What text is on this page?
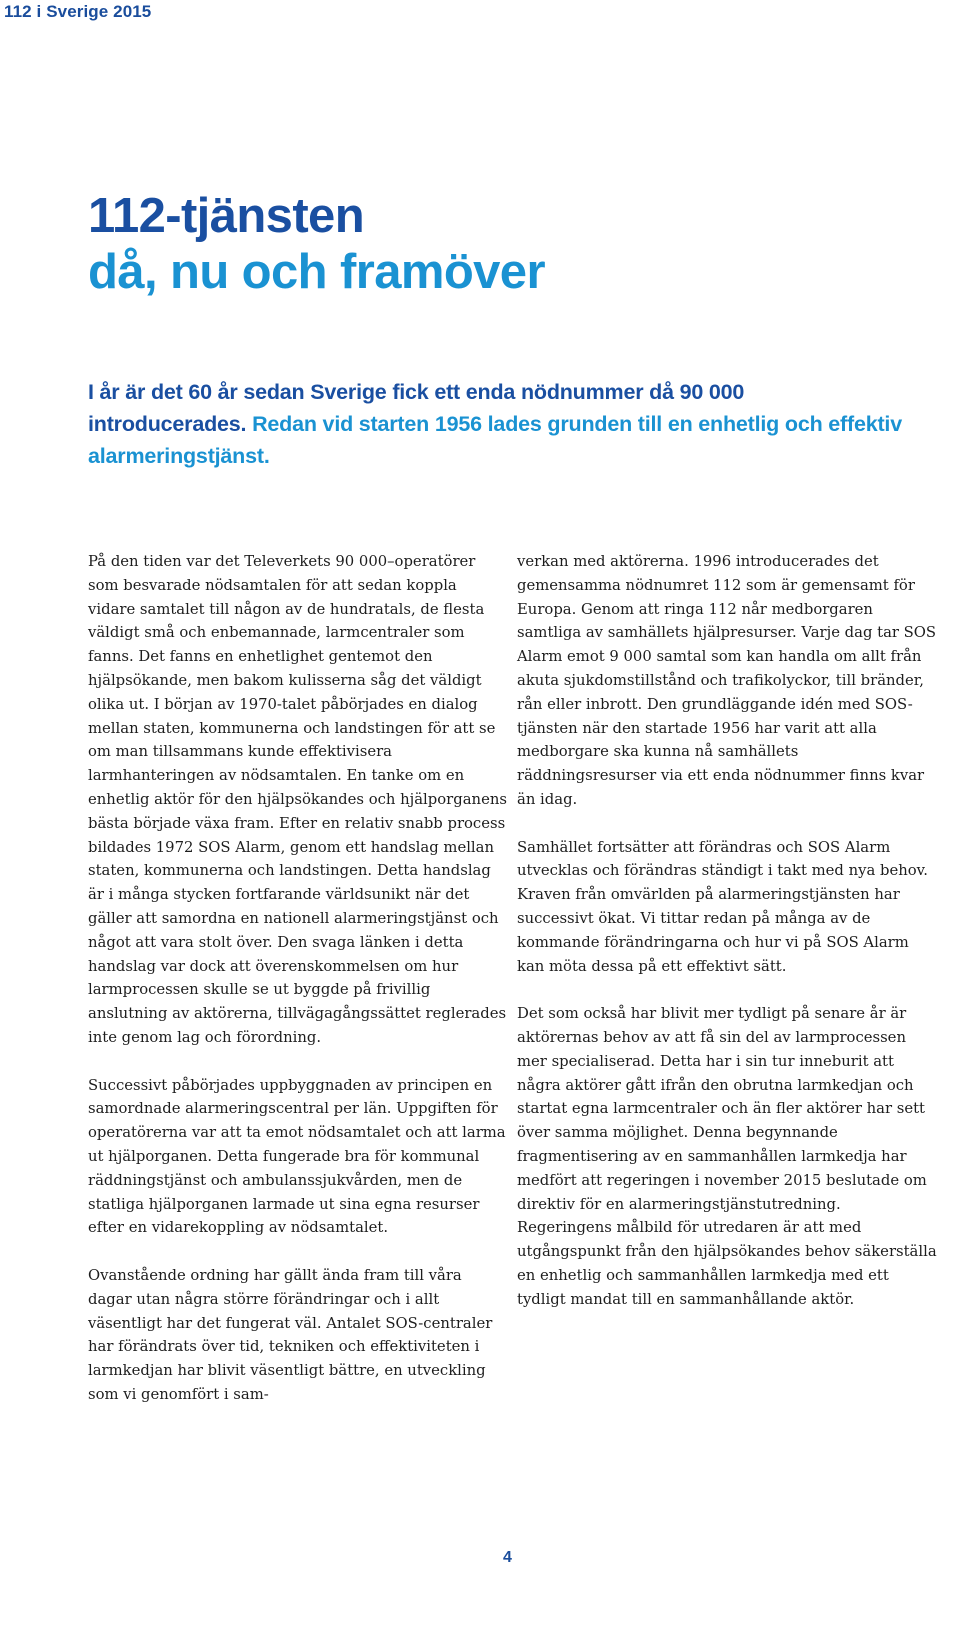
112 i Sverige 2015
112-tjänsten
då, nu och framöver

I år är det 60 år sedan Sverige fick ett enda nödnummer då 90 000 introducerades. Redan vid starten 1956 lades grunden till en enhetlig och effektiv alarmeringstjänst.

På den tiden var det Televerkets 90 000–operatörer som besvarade nödsamtalen för att sedan koppla vidare samtalet till någon av de hundratals, de flesta väldigt små och enbemannade, larmcentraler som fanns. Det fanns en enhetlighet gentemot den hjälpsökande, men bakom kulisserna såg det väldigt olika ut. I början av 1970-talet påbörjades en dialog mellan staten, kommunerna och landstingen för att se om man tillsammans kunde effektivisera larmhanteringen av nödsamtalen. En tanke om en enhetlig aktör för den hjälpsökandes och hjälporganens bästa började växa fram. Efter en relativ snabb process bildades 1972 SOS Alarm, genom ett handslag mellan staten, kommunerna och landstingen. Detta handslag är i många stycken fortfarande världsunikt när det gäller att samordna en nationell alarmeringstjänst och något att vara stolt över. Den svaga länken i detta handslag var dock att överenskommelsen om hur larmprocessen skulle se ut byggde på frivillig anslutning av aktörerna, tillvägagångssättet reglerades inte genom lag och förordning.

Successivt påbörjades uppbyggnaden av principen en samordnade alarmeringscentral per län. Uppgiften för operatörerna var att ta emot nödsamtalet och att larma ut hjälporganen. Detta fungerade bra för kommunal räddningstjänst och ambulanssjukvården, men de statliga hjälporganen larmade ut sina egna resurser efter en vidarekoppling av nödsamtalet.

Ovanstående ordning har gällt ända fram till våra dagar utan några större förändringar och i allt väsentligt har det fungerat väl. Antalet SOS-centraler har förändrats över tid, tekniken och effektiviteten i larmkedjan har blivit väsentligt bättre, en utveckling som vi genomfört i sam-

verkan med aktörerna. 1996 introducerades det gemensamma nödnumret 112 som är gemensamt för Europa. Genom att ringa 112 når medborgaren samtliga av samhällets hjälpresurser. Varje dag tar SOS Alarm emot 9 000 samtal som kan handla om allt från akuta sjukdomstillstånd och trafikolyckor, till bränder, rån eller inbrott. Den grundläggande idén med SOS-tjänsten när den startade 1956 har varit att alla medborgare ska kunna nå samhällets räddningsresurser via ett enda nödnummer finns kvar än idag.

Samhället fortsätter att förändras och SOS Alarm utvecklas och förändras ständigt i takt med nya behov. Kraven från omvärlden på alarmeringstjänsten har successivt ökat. Vi tittar redan på många av de kommande förändringarna och hur vi på SOS Alarm kan möta dessa på ett effektivt sätt.

Det som också har blivit mer tydligt på senare år är aktörernas behov av att få sin del av larmprocessen mer specialiserad. Detta har i sin tur inneburit att några aktörer gått ifrån den obrutna larmkedjan och startat egna larmcentraler och än fler aktörer har sett över samma möjlighet. Denna begynnande fragmentisering av en sammanhållen larmkedja har medfört att regeringen i november 2015 beslutade om direktiv för en alarmeringstjänstutredning. Regeringens målbild för utredaren är att med utgångspunkt från den hjälpsökandes behov säkerställa en enhetlig och sammanhållen larmkedja med ett tydligt mandat till en sammanhållande aktör.

4
